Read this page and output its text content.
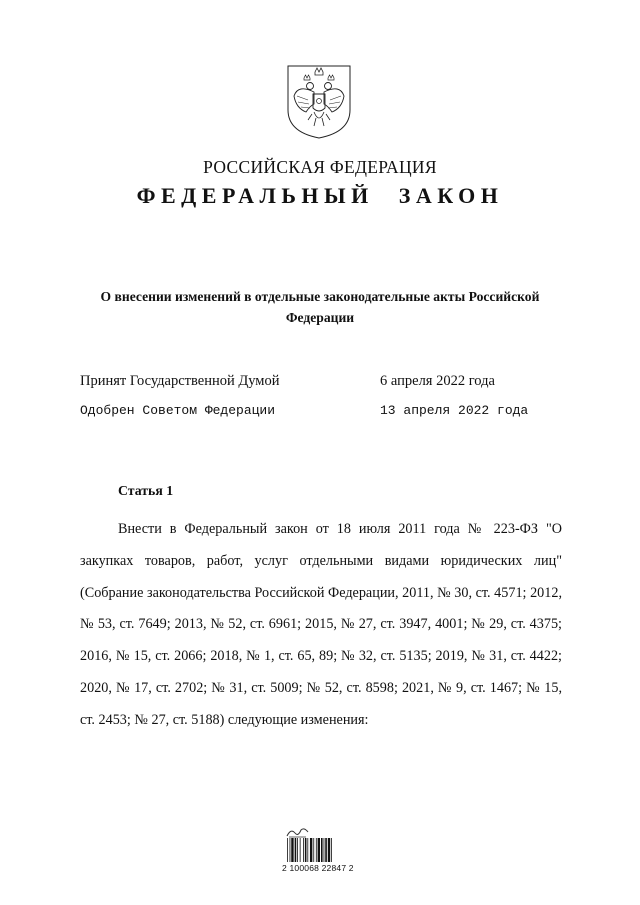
РОССИЙСКАЯ ФЕДЕРАЦИЯ
ФЕДЕРАЛЬНЫЙ ЗАКОН
О внесении изменений в отдельные законодательные акты Российской Федерации
Принят Государственной Думой	6 апреля 2022 года
Одобрен Советом Федерации	13 апреля 2022 года
Статья 1
Внести в Федеральный закон от 18 июля 2011 года № 223-ФЗ "О закупках товаров, работ, услуг отдельными видами юридических лиц" (Собрание законодательства Российской Федерации, 2011, № 30, ст. 4571; 2012, № 53, ст. 7649; 2013, № 52, ст. 6961; 2015, № 27, ст. 3947, 4001; № 29, ст. 4375; 2016, № 15, ст. 2066; 2018, № 1, ст. 65, 89; № 32, ст. 5135; 2019, № 31, ст. 4422; 2020, № 17, ст. 2702; № 31, ст. 5009; № 52, ст. 8598; 2021, № 9, ст. 1467; № 15, ст. 2453; № 27, ст. 5188) следующие изменения:
2 100068 22847 2
